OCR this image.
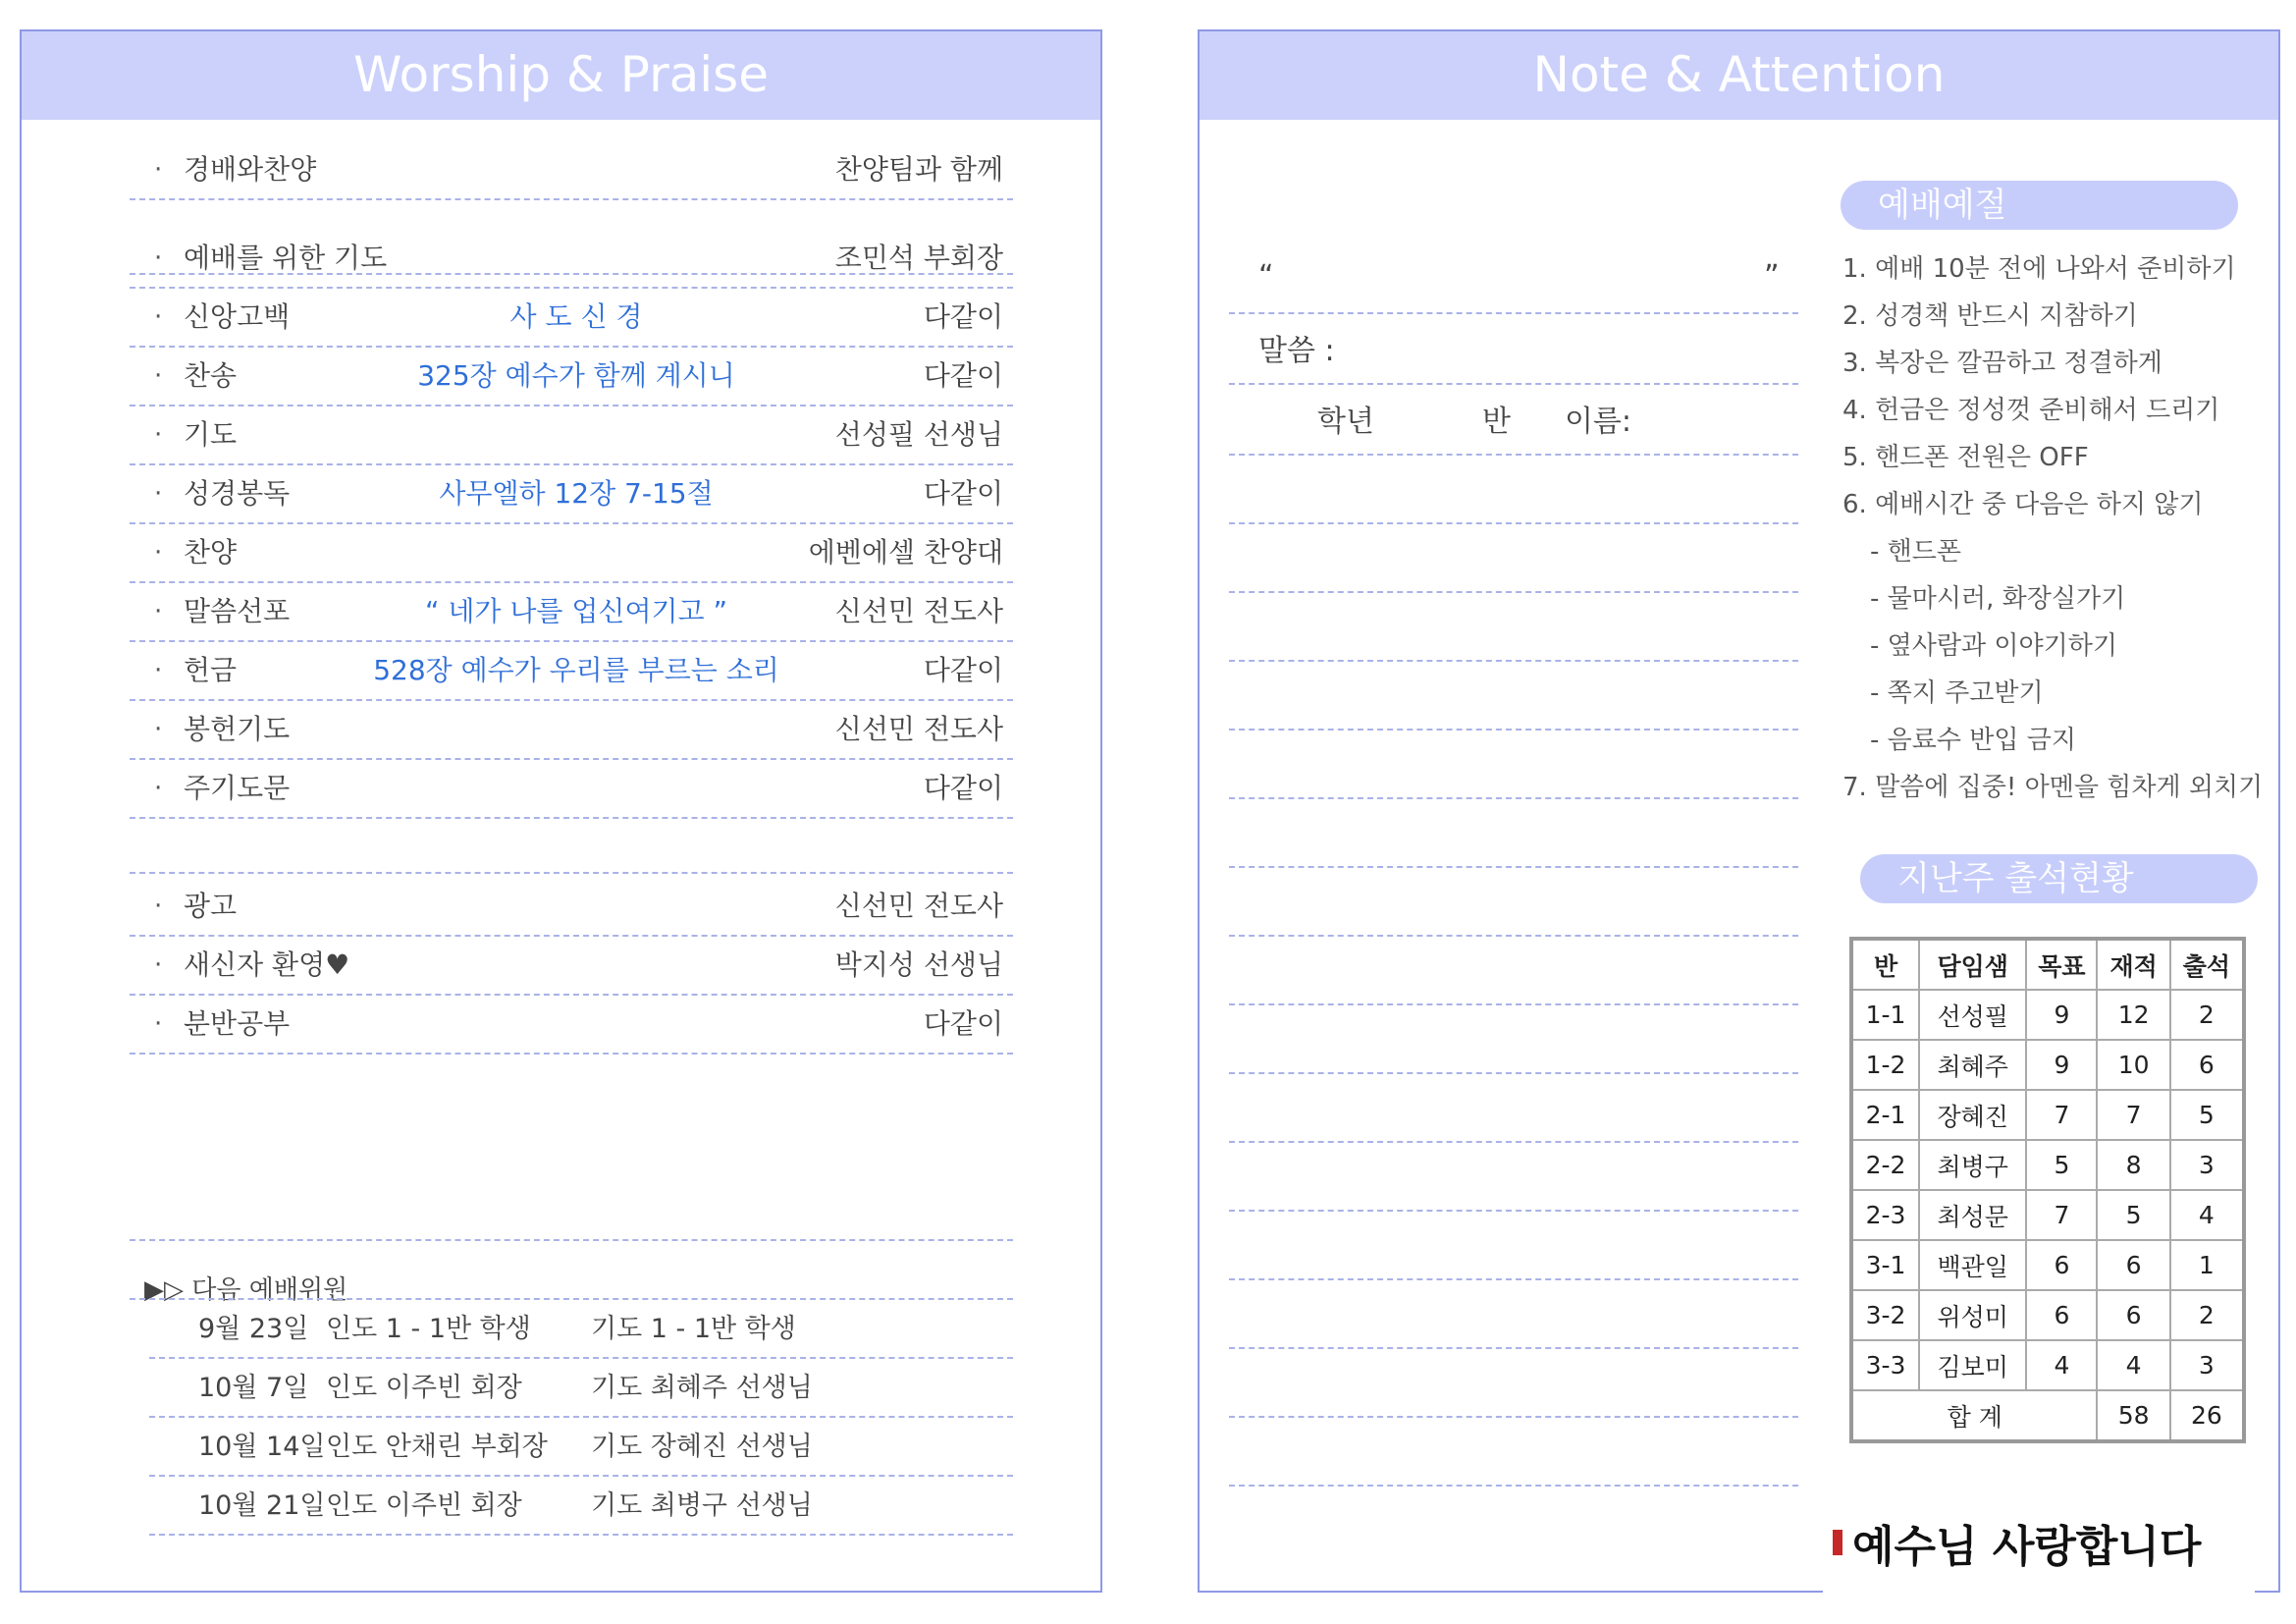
Worship & Praise
· 경배와찬양	찬양팀과 함께
· 예배를 위한 기도	조민석 부회장
· 신앙고백	사 도 신 경	다같이
· 찬송	325장 예수가 함께 계시니	다같이
· 기도	선성필 선생님
· 성경봉독	사무엘하 12장 7-15절	다같이
· 찬양	에벤에셀 찬양대
· 말씀선포	“ 네가 나를 업신여기고 ”	신선민 전도사
· 헌금	528장 예수가 우리를 부르는 소리	다같이
· 봉헌기도	신선민 전도사
· 주기도문	다같이
· 광고	신선민 전도사
· 새신자 환영♥	박지성 선생님
· 분반공부	다같이
▶▷ 다음 예배위원
9월 23일 인도 1 - 1반 학생 기도 1 - 1반 학생
10월 7일 인도 이주빈 회장	기도 최혜주 선생님
10월 14일 인도 안채린 부회장 기도 장혜진 선생님
10월 21일 인도 이주빈 회장	기도 최병구 선생님
Note & Attention
“	”
말씀 :
학년	반 이름:
예배예절
1. 예배 10분 전에 나와서 준비하기
2. 성경책 반드시 지참하기
3. 복장은 깔끔하고 정결하게
4. 헌금은 정성껏 준비해서 드리기
5. 핸드폰 전원은 OFF
6. 예배시간 중 다음은 하지 않기
- 핸드폰
- 물마시러, 화장실가기
- 옆사람과 이야기하기
- 쪽지 주고받기
- 음료수 반입 금지
7. 말씀에 집중! 아멘을 힘차게 외치기
지난주 출석현황
반	담임샘	목표	재적	출석
1-1	선성필	9	12	2
1-2	최혜주	9	10	6
2-1	장혜진	7	7	5
2-2	최병구	5	8	3
2-3	최성문	7	5	4
3-1	백관일	6	6	1
3-2	위성미	6	6	2
3-3	김보미	4	4	3
합 계			58	26
예수님 사랑합니다
